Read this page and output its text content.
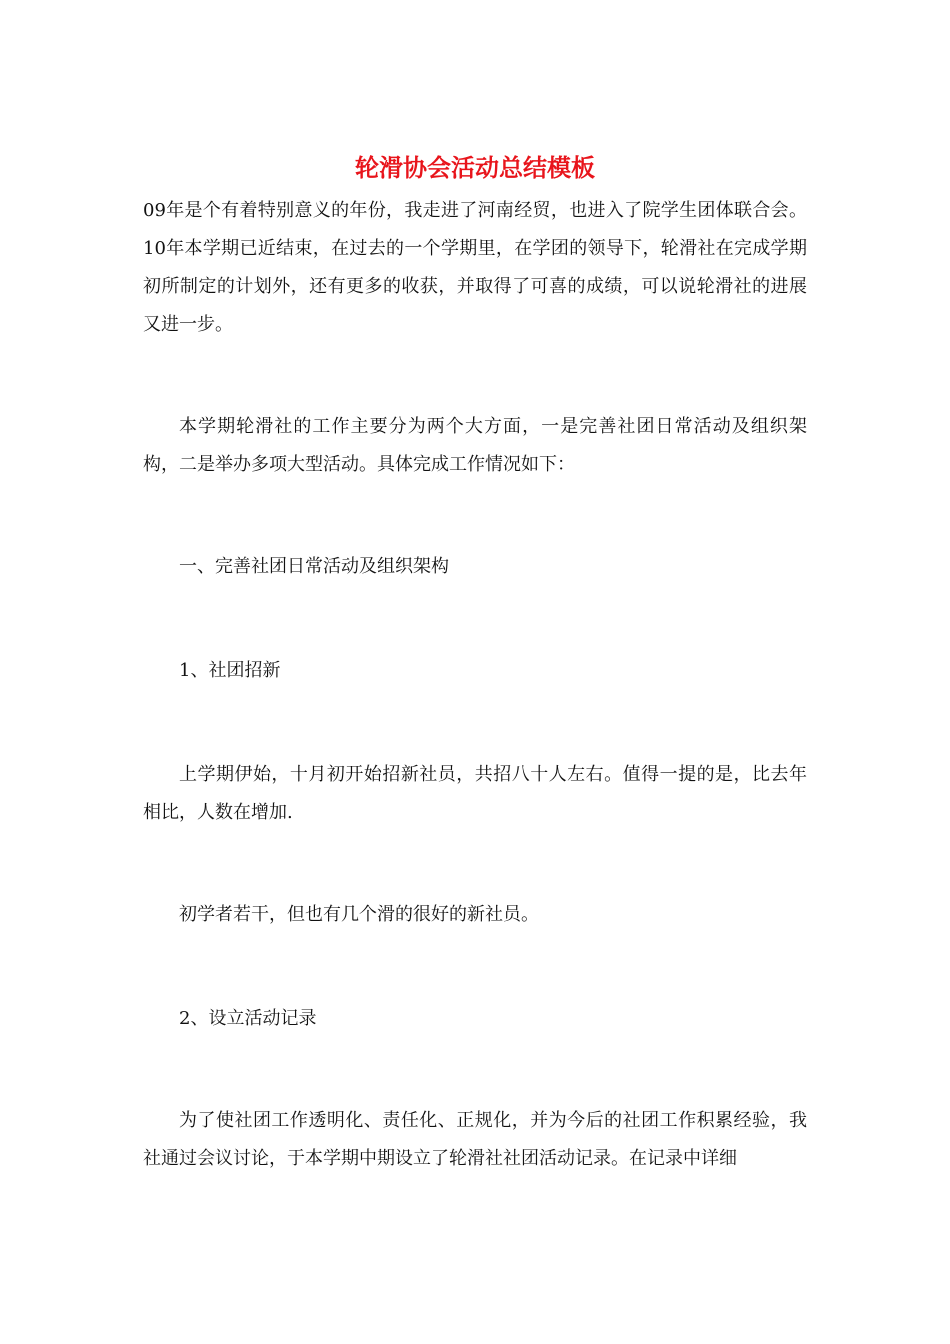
轮滑协会活动总结模板

09年是个有着特别意义的年份，我走进了河南经贸，也进入了院学生团体联合会。10年本学期已近结束，在过去的一个学期里，在学团的领导下，轮滑社在完成学期初所制定的计划外，还有更多的收获，并取得了可喜的成绩，可以说轮滑社的进展又进一步。

本学期轮滑社的工作主要分为两个大方面，一是完善社团日常活动及组织架构，二是举办多项大型活动。具体完成工作情况如下：

一、完善社团日常活动及组织架构

1、社团招新

上学期伊始，十月初开始招新社员，共招八十人左右。值得一提的是，比去年相比，人数在增加.

初学者若干，但也有几个滑的很好的新社员。

2、设立活动记录

为了使社团工作透明化、责任化、正规化，并为今后的社团工作积累经验，我社通过会议讨论，于本学期中期设立了轮滑社社团活动记录。在记录中详细
